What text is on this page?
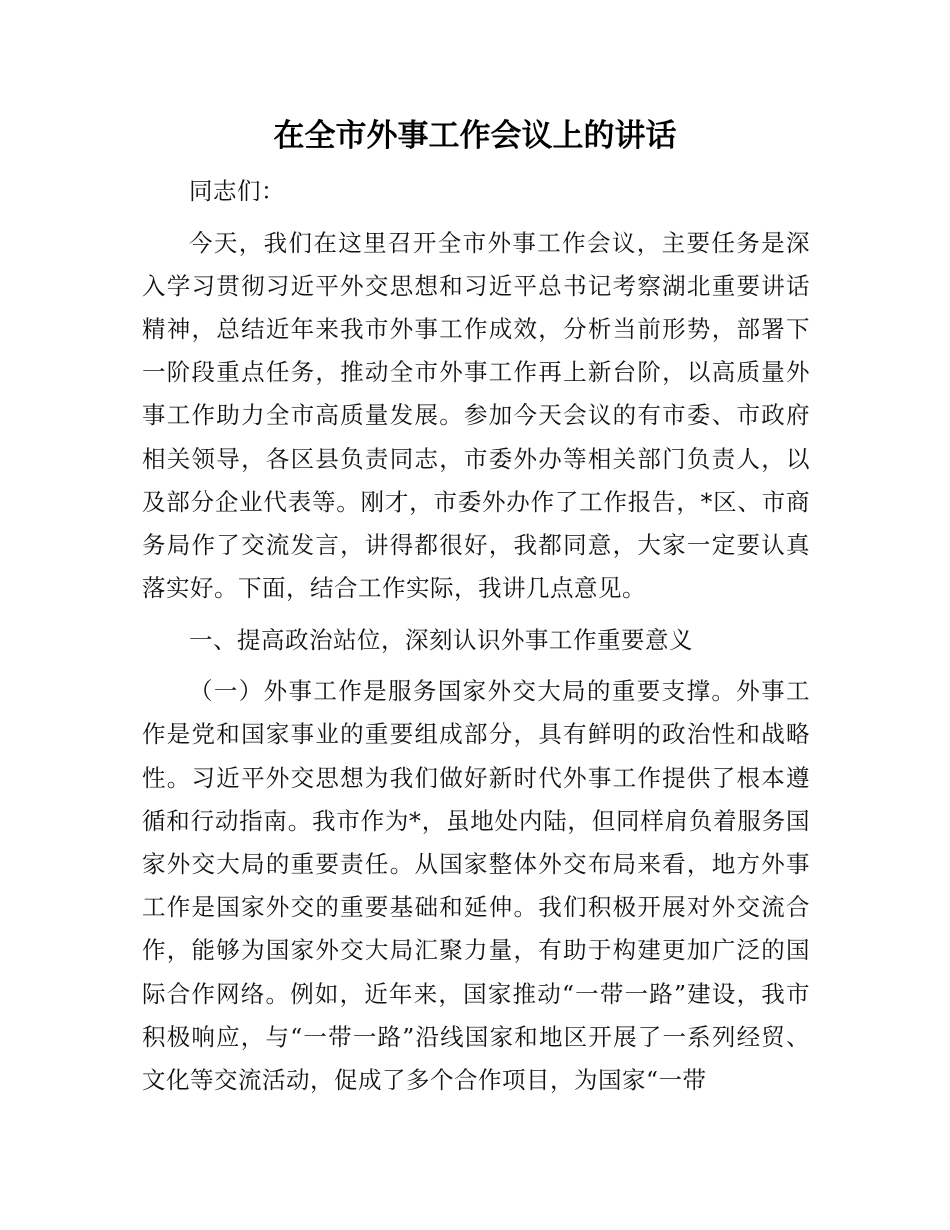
在全市外事工作会议上的讲话

同志们：

今天，我们在这里召开全市外事工作会议，主要任务是深入学习贯彻习近平外交思想和习近平总书记考察湖北重要讲话精神，总结近年来我市外事工作成效，分析当前形势，部署下一阶段重点任务，推动全市外事工作再上新台阶，以高质量外事工作助力全市高质量发展。参加今天会议的有市委、市政府相关领导，各区县负责同志，市委外办等相关部门负责人，以及部分企业代表等。刚才，市委外办作了工作报告，*区、市商务局作了交流发言，讲得都很好，我都同意，大家一定要认真落实好。下面，结合工作实际，我讲几点意见。

一、提高政治站位，深刻认识外事工作重要意义

（一）外事工作是服务国家外交大局的重要支撑。外事工作是党和国家事业的重要组成部分，具有鲜明的政治性和战略性。习近平外交思想为我们做好新时代外事工作提供了根本遵循和行动指南。我市作为*，虽地处内陆，但同样肩负着服务国家外交大局的重要责任。从国家整体外交布局来看，地方外事工作是国家外交的重要基础和延伸。我们积极开展对外交流合作，能够为国家外交大局汇聚力量，有助于构建更加广泛的国际合作网络。例如，近年来，国家推动“一带一路”建设，我市积极响应，与“一带一路”沿线国家和地区开展了一系列经贸、文化等交流活动，促成了多个合作项目，为国家“一带
